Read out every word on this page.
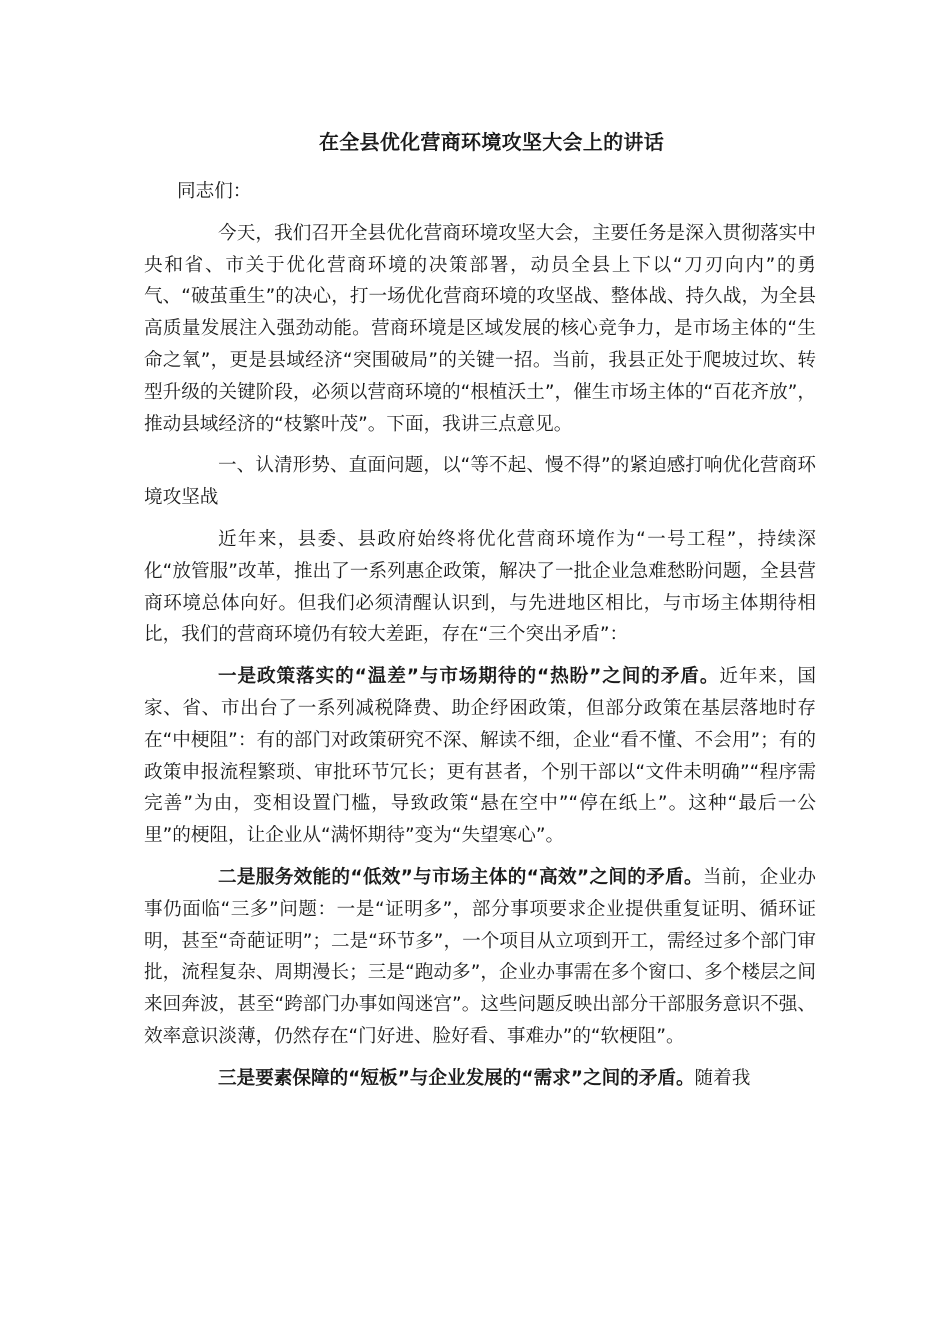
在全县优化营商环境攻坚大会上的讲话

同志们：

今天，我们召开全县优化营商环境攻坚大会，主要任务是深入贯彻落实中央和省、市关于优化营商环境的决策部署，动员全县上下以“刀刃向内”的勇气、“破茧重生”的决心，打一场优化营商环境的攻坚战、整体战、持久战，为全县高质量发展注入强劲动能。营商环境是区域发展的核心竞争力，是市场主体的“生命之氧”，更是县域经济“突围破局”的关键一招。当前，我县正处于爬坡过坎、转型升级的关键阶段，必须以营商环境的“根植沃土”，催生市场主体的“百花齐放”，推动县域经济的“枝繁叶茂”。下面，我讲三点意见。

一、认清形势、直面问题，以“等不起、慢不得”的紧迫感打响优化营商环境攻坚战

近年来，县委、县政府始终将优化营商环境作为“一号工程”，持续深化“放管服”改革，推出了一系列惠企政策，解决了一批企业急难愁盼问题，全县营商环境总体向好。但我们必须清醒认识到，与先进地区相比，与市场主体期待相比，我们的营商环境仍有较大差距，存在“三个突出矛盾”：

一是政策落实的“温差”与市场期待的“热盼”之间的矛盾。近年来，国家、省、市出台了一系列减税降费、助企纾困政策，但部分政策在基层落地时存在“中梗阻”：有的部门对政策研究不深、解读不细，企业“看不懂、不会用”；有的政策申报流程繁琐、审批环节冗长；更有甚者，个别干部以“文件未明确”“程序需完善”为由，变相设置门槛，导致政策“悬在空中”“停在纸上”。这种“最后一公里”的梗阻，让企业从“满怀期待”变为“失望寒心”。

二是服务效能的“低效”与市场主体的“高效”之间的矛盾。当前，企业办事仍面临“三多”问题：一是“证明多”，部分事项要求企业提供重复证明、循环证明，甚至“奇葩证明”；二是“环节多”，一个项目从立项到开工，需经过多个部门审批，流程复杂、周期漫长；三是“跑动多”，企业办事需在多个窗口、多个楼层之间来回奔波，甚至“跨部门办事如闯迷宫”。这些问题反映出部分干部服务意识不强、效率意识淡薄，仍然存在“门好进、脸好看、事难办”的“软梗阻”。

三是要素保障的“短板”与企业发展的“需求”之间的矛盾。随着我
